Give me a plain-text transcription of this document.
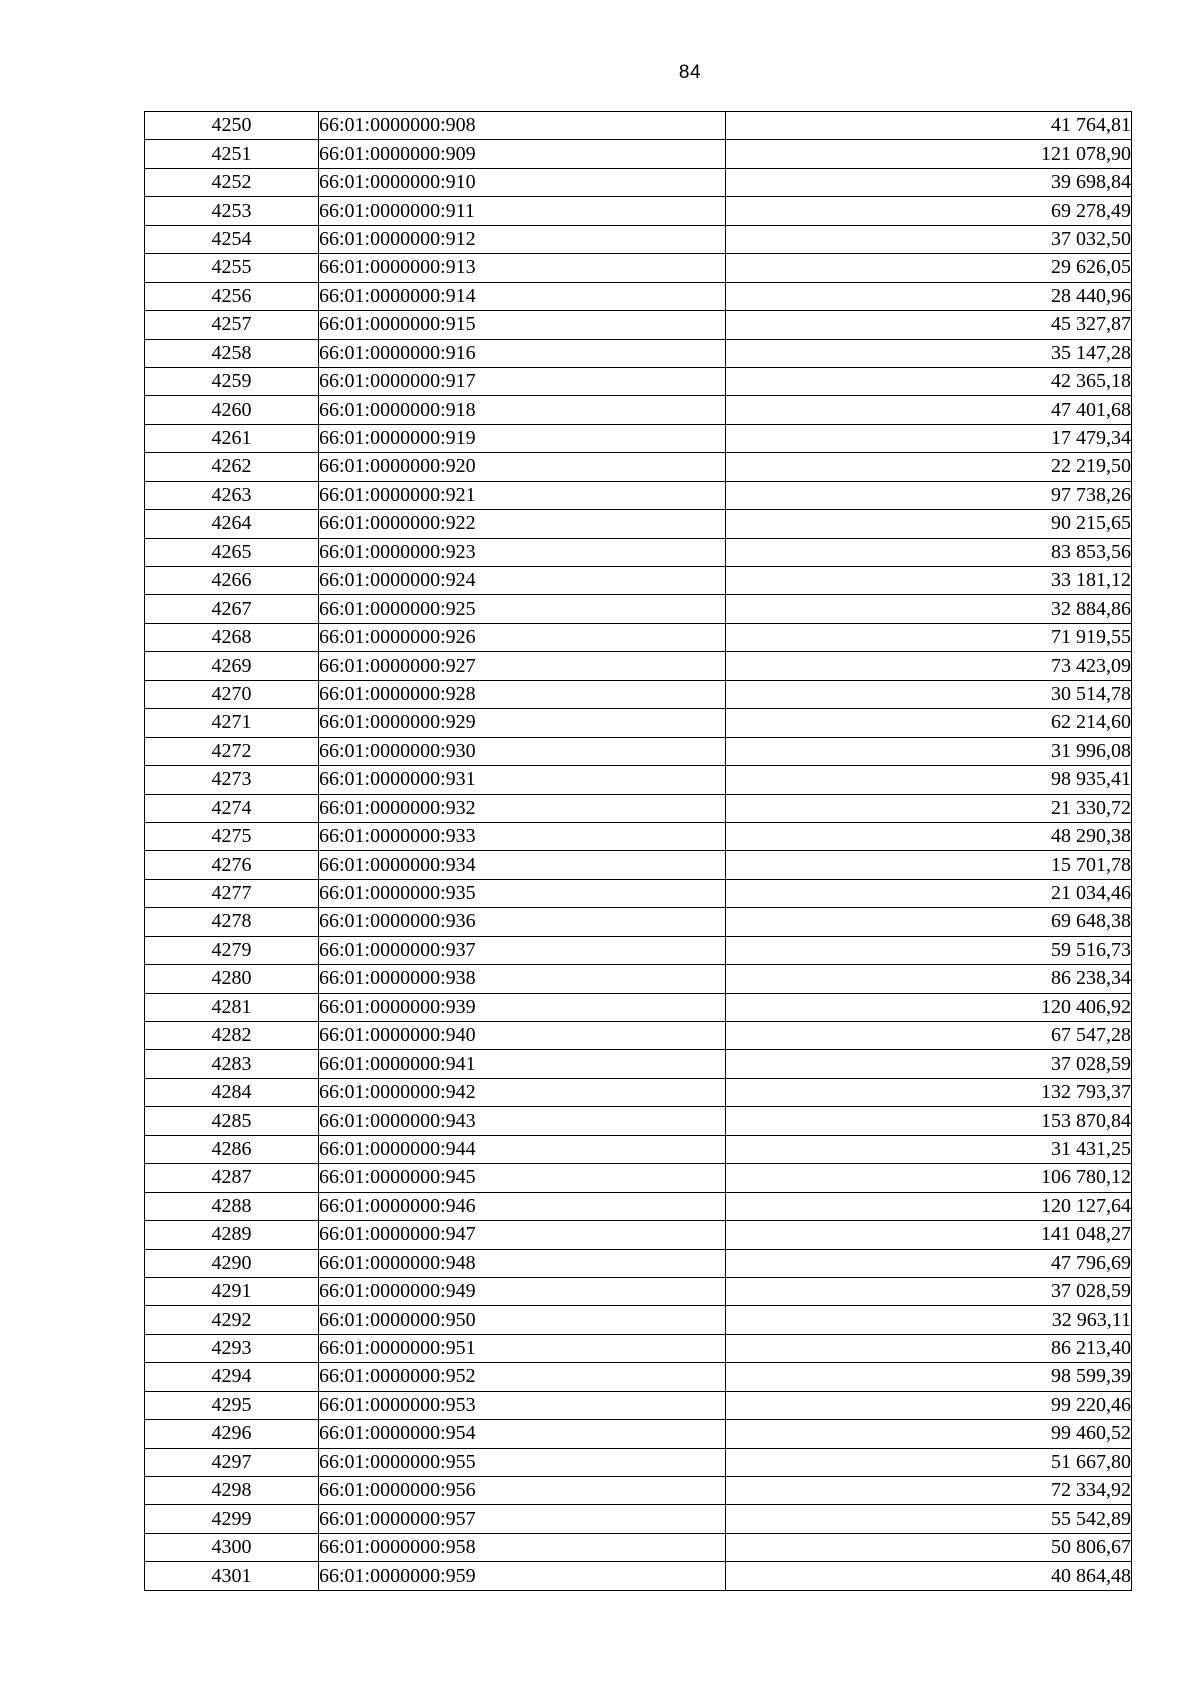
84
4250	66:01:0000000:908	41 764,81
4251	66:01:0000000:909	121 078,90
4252	66:01:0000000:910	39 698,84
4253	66:01:0000000:911	69 278,49
4254	66:01:0000000:912	37 032,50
4255	66:01:0000000:913	29 626,05
4256	66:01:0000000:914	28 440,96
4257	66:01:0000000:915	45 327,87
4258	66:01:0000000:916	35 147,28
4259	66:01:0000000:917	42 365,18
4260	66:01:0000000:918	47 401,68
4261	66:01:0000000:919	17 479,34
4262	66:01:0000000:920	22 219,50
4263	66:01:0000000:921	97 738,26
4264	66:01:0000000:922	90 215,65
4265	66:01:0000000:923	83 853,56
4266	66:01:0000000:924	33 181,12
4267	66:01:0000000:925	32 884,86
4268	66:01:0000000:926	71 919,55
4269	66:01:0000000:927	73 423,09
4270	66:01:0000000:928	30 514,78
4271	66:01:0000000:929	62 214,60
4272	66:01:0000000:930	31 996,08
4273	66:01:0000000:931	98 935,41
4274	66:01:0000000:932	21 330,72
4275	66:01:0000000:933	48 290,38
4276	66:01:0000000:934	15 701,78
4277	66:01:0000000:935	21 034,46
4278	66:01:0000000:936	69 648,38
4279	66:01:0000000:937	59 516,73
4280	66:01:0000000:938	86 238,34
4281	66:01:0000000:939	120 406,92
4282	66:01:0000000:940	67 547,28
4283	66:01:0000000:941	37 028,59
4284	66:01:0000000:942	132 793,37
4285	66:01:0000000:943	153 870,84
4286	66:01:0000000:944	31 431,25
4287	66:01:0000000:945	106 780,12
4288	66:01:0000000:946	120 127,64
4289	66:01:0000000:947	141 048,27
4290	66:01:0000000:948	47 796,69
4291	66:01:0000000:949	37 028,59
4292	66:01:0000000:950	32 963,11
4293	66:01:0000000:951	86 213,40
4294	66:01:0000000:952	98 599,39
4295	66:01:0000000:953	99 220,46
4296	66:01:0000000:954	99 460,52
4297	66:01:0000000:955	51 667,80
4298	66:01:0000000:956	72 334,92
4299	66:01:0000000:957	55 542,89
4300	66:01:0000000:958	50 806,67
4301	66:01:0000000:959	40 864,48
